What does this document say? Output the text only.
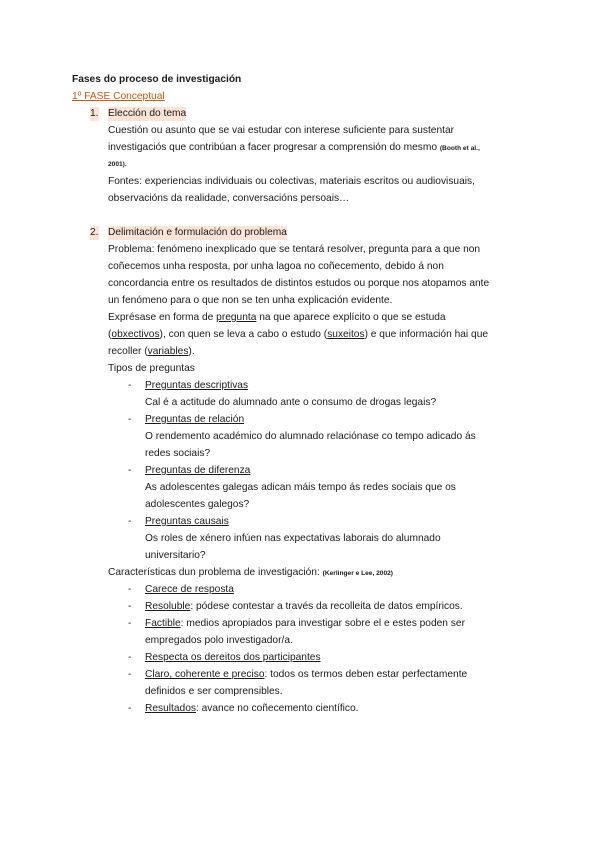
Fases do proceso de investigación
1º FASE Conceptual
1. Elección do tema
Cuestión ou asunto que se vai estudar con interese suficiente para sustentar
investigaciós que contribúan a facer progresar a comprensión do mesmo (Booth et al.,
2001).
Fontes: experiencias individuais ou colectivas, materiais escritos ou audiovisuais,
observacións da realidade, conversacións persoais…
2. Delimitación e formulación do problema
Problema: fenómeno inexplicado que se tentará resolver, pregunta para a que non
coñecemos unha resposta, por unha lagoa no coñecemento, debido á non
concordancia entre os resultados de distintos estudos ou porque nos atopamos ante
un fenómeno para o que non se ten unha explicación evidente.
Exprésase en forma de pregunta na que aparece explícito o que se estuda
(obxectivos), con quen se leva a cabo o estudo (suxeitos) e que información hai que
recoller (variables).
Tipos de preguntas
- Preguntas descriptivas
Cal é a actitude do alumnado ante o consumo de drogas legais?
- Preguntas de relación
O rendemento académico do alumnado relaciónase co tempo adicado ás
redes sociais?
- Preguntas de diferenza
As adolescentes galegas adican máis tempo ás redes sociais que os
adolescentes galegos?
- Preguntas causais
Os roles de xénero infúen nas expectativas laborais do alumnado
universitario?
Características dun problema de investigación: (Kerlinger e Lee, 2002)
- Carece de resposta
- Resoluble: pódese contestar a través da recolleita de datos empíricos.
- Factible: medios apropiados para investigar sobre el e estes poden ser
empregados polo investigador/a.
- Respecta os dereitos dos participantes
- Claro, coherente e preciso: todos os termos deben estar perfectamente
definidos e ser comprensibles.
- Resultados: avance no coñecemento científico.
